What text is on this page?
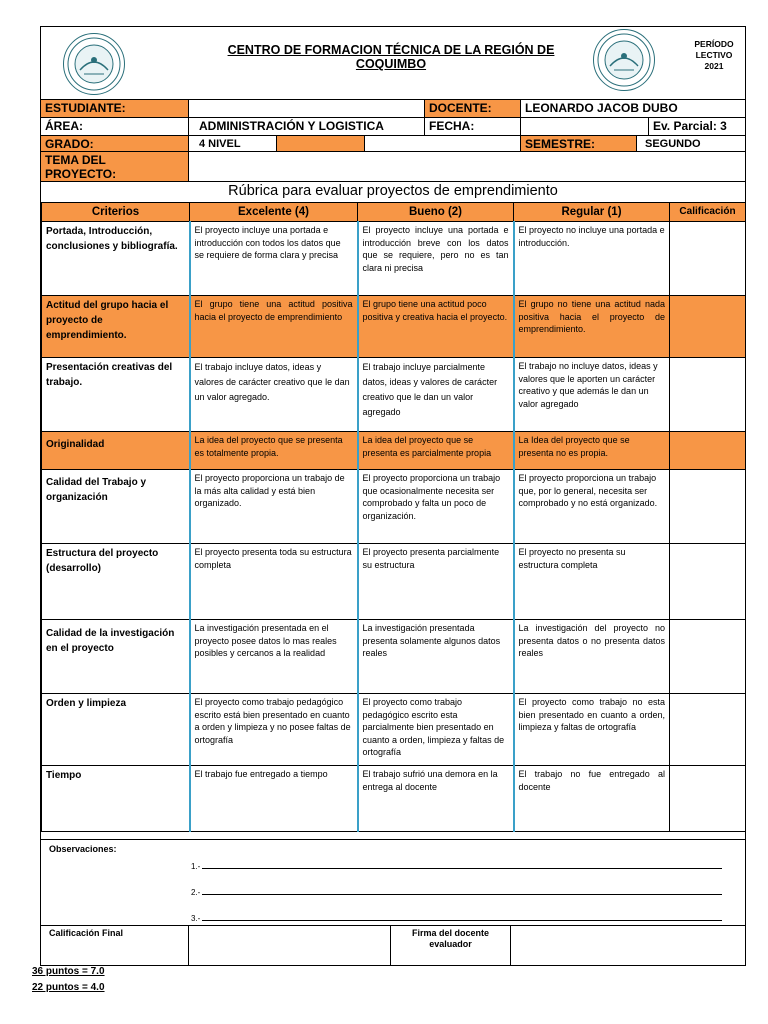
CENTRO DE FORMACION TÉCNICA DE LA REGIÓN DE COQUIMBO
PERÍODO
LECTIVO
2021
ESTUDIANTE:	DOCENTE:	LEONARDO JACOB DUBO
ÁREA:	ADMINISTRACIÓN Y LOGISTICA	FECHA:	Ev. Parcial: 3
GRADO:	4 NIVEL	SEMESTRE:	SEGUNDO
TEMA DEL
PROYECTO:
Rúbrica para evaluar proyectos de emprendimiento
Criterios	Excelente (4)	Bueno (2)	Regular (1)	Calificación
Portada, Introducción, conclusiones y bibliografía.	El proyecto incluye una portada e introducción con todos los datos que se requiere de forma clara y precisa	El proyecto incluye una portada e introducción breve con los datos que se requiere, pero no es tan clara ni precisa	El proyecto no incluye una portada e introducción.	
Actitud del grupo hacia el proyecto de emprendimiento.	El grupo tiene una actitud positiva hacia el proyecto de emprendimiento	El grupo tiene una actitud poco positiva y creativa hacia el proyecto.	El grupo no tiene una actitud nada positiva hacia el proyecto de emprendimiento.	
Presentación creativas del trabajo.	El trabajo incluye datos, ideas y valores de carácter creativo que le dan un valor agregado.	El trabajo incluye parcialmente datos, ideas y valores de carácter creativo que le dan un valor agregado	El trabajo no incluye datos, ideas y valores que le aporten un carácter creativo y que además le dan un valor agregado	
Originalidad	La idea del proyecto que se presenta es totalmente propia.	La idea del proyecto que se presenta es parcialmente propia	La Idea del proyecto que se presenta no es propia.	
Calidad del Trabajo y organización	El proyecto proporciona un trabajo de la más alta calidad y está bien organizado.	El proyecto proporciona un trabajo que ocasionalmente necesita ser comprobado y falta un poco de organización.	El proyecto proporciona un trabajo que, por lo general, necesita ser comprobado y no está organizado.	
Estructura del proyecto (desarrollo)	El proyecto presenta toda su estructura completa	El proyecto presenta parcialmente su estructura	El proyecto no presenta su estructura completa	
Calidad de la investigación en el proyecto	La investigación presentada en el proyecto posee datos lo mas reales posibles y cercanos a la realidad	La investigación presentada presenta solamente algunos datos reales	La investigación del proyecto no presenta datos o no presenta datos reales	
Orden y limpieza	El proyecto como trabajo pedagógico escrito está bien presentado en cuanto a orden y limpieza y no posee faltas de ortografía	El proyecto como trabajo pedagógico escrito esta parcialmente bien presentado en cuanto a orden, limpieza y faltas de ortografía	El proyecto como trabajo no esta bien presentado en cuanto a orden, limpieza y faltas de ortografía	
Tiempo	El trabajo fue entregado a tiempo	El trabajo sufrió una demora en la entrega al docente	El trabajo no fue entregado al docente	
Observaciones:
1.-
2.-
3.-
Calificación Final	Firma del docente evaluador
36 puntos = 7.0
22 puntos = 4.0
